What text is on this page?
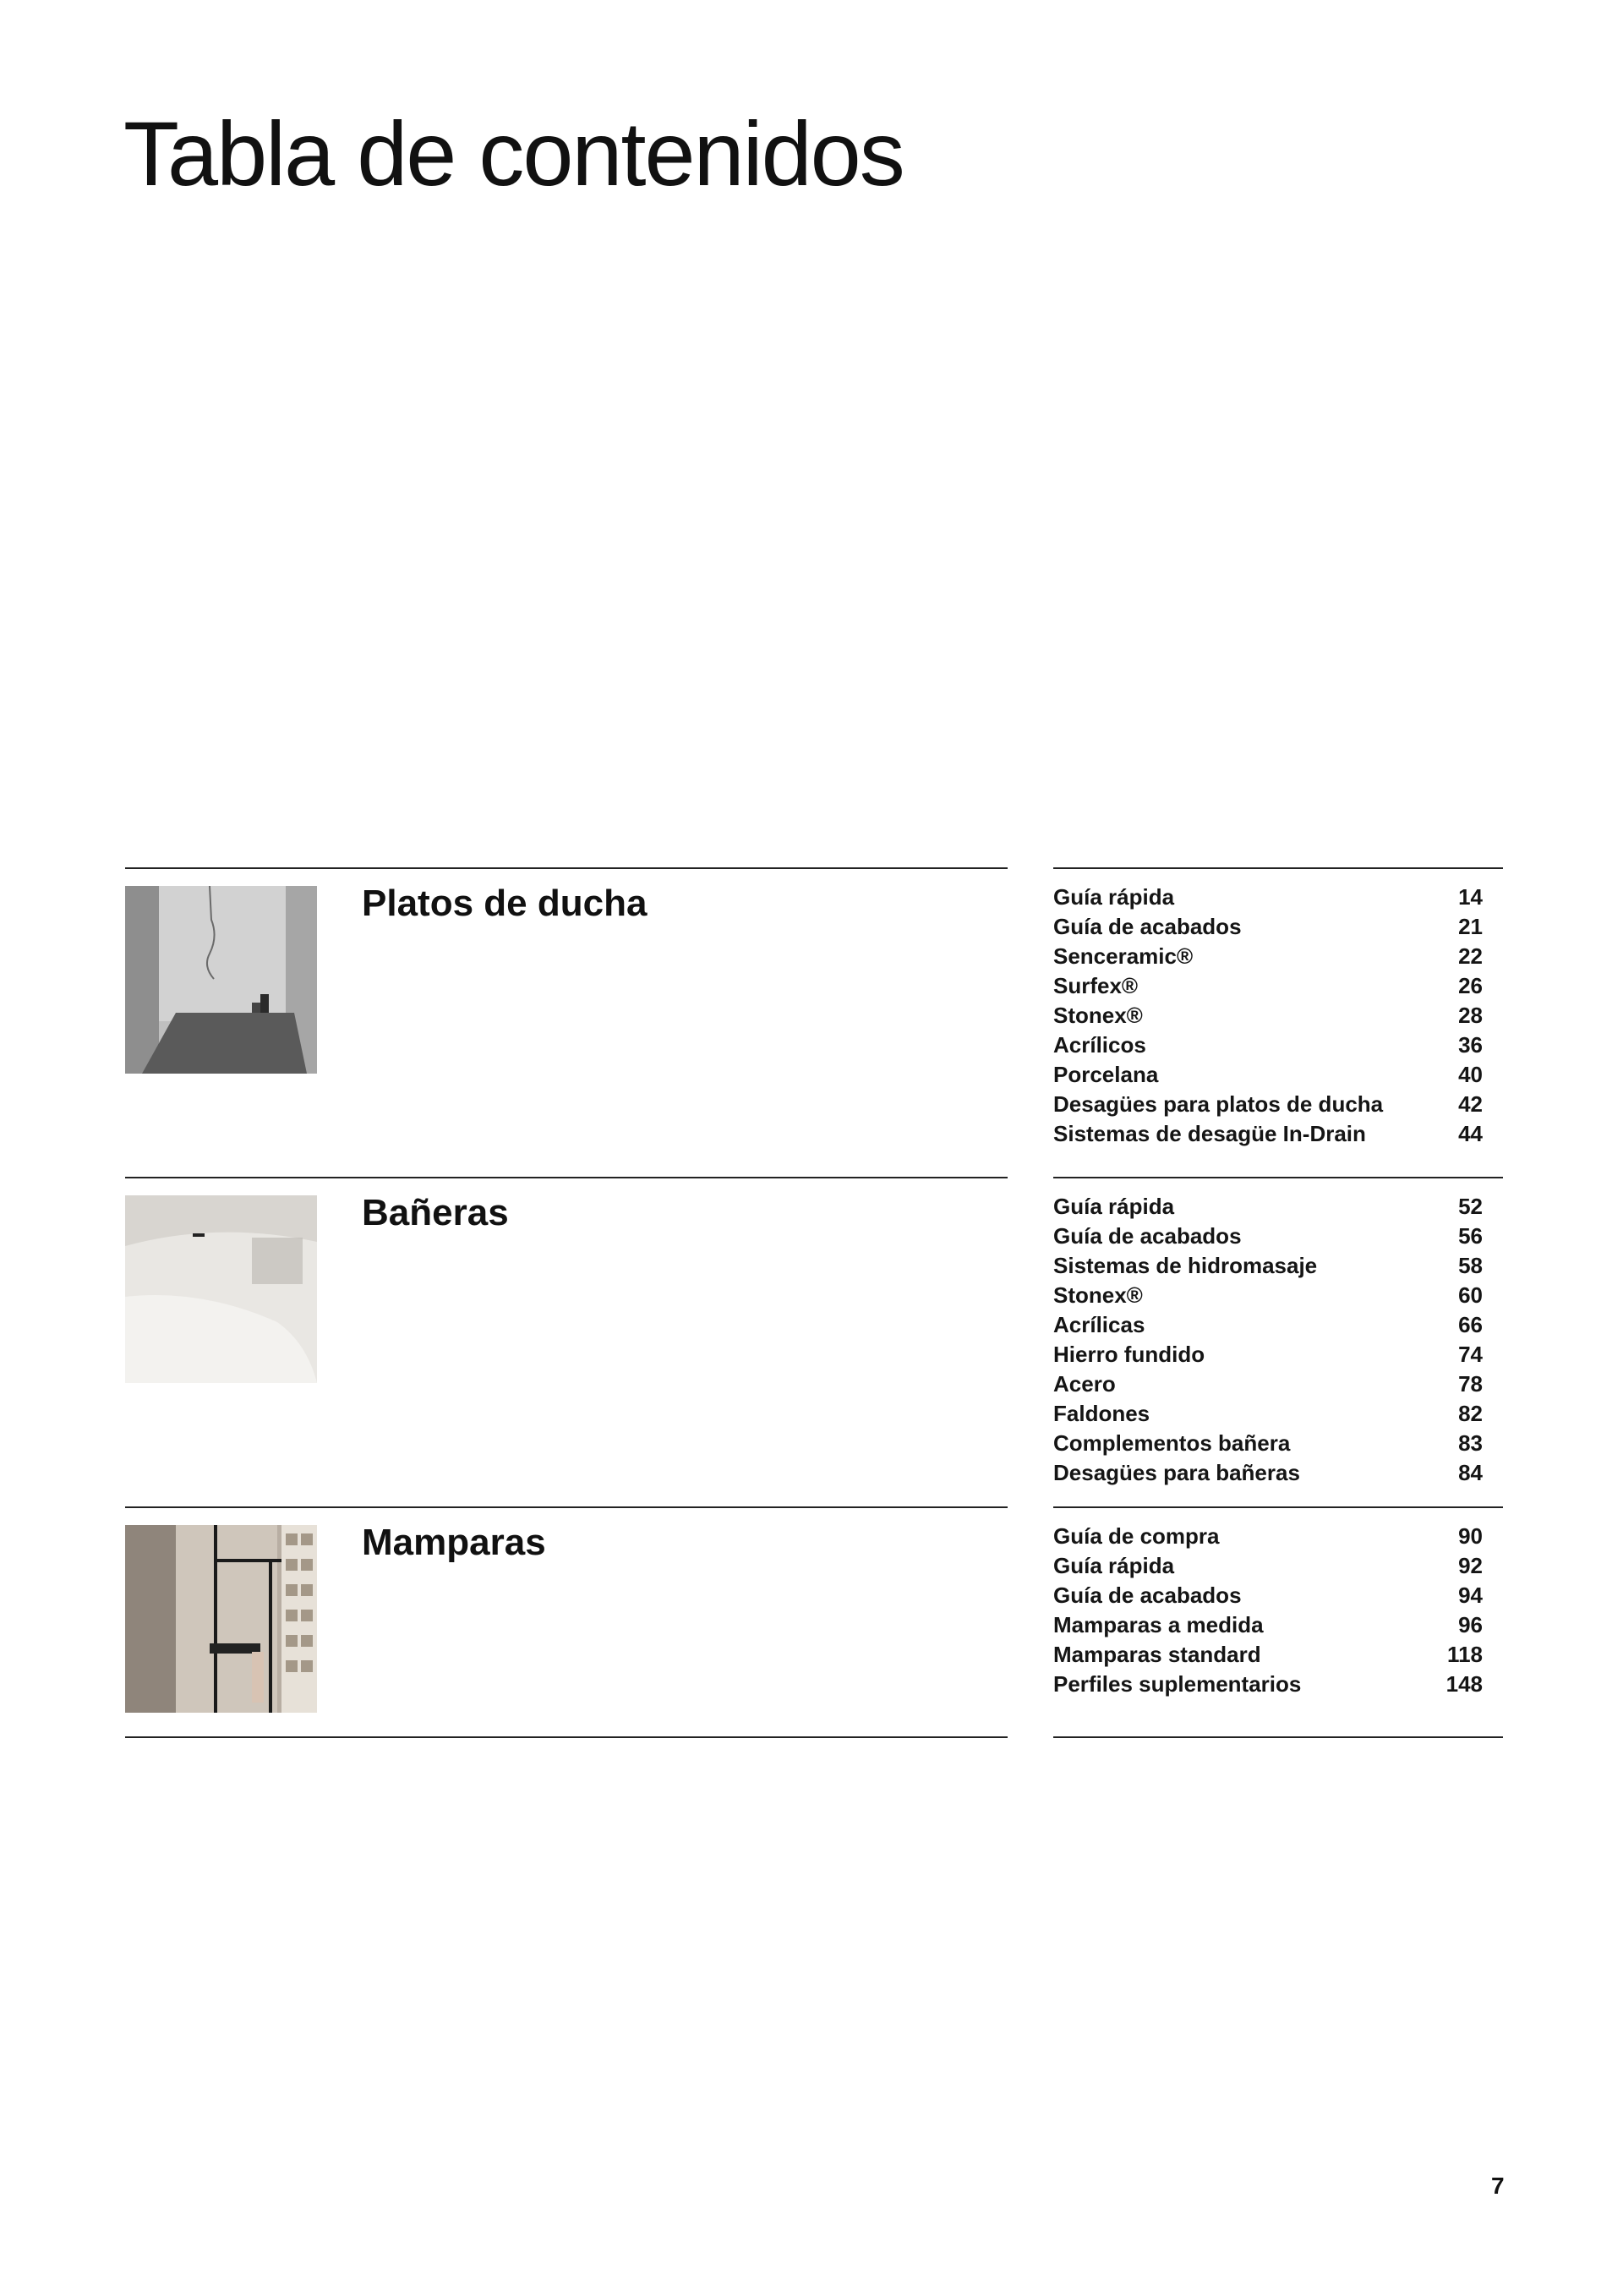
Tabla de contenidos
Platos de ducha	Guía rápida	14
Guía de acabados	21
Senceramic®	22
Surfex®	26
Stonex®	28
Acrílicos	36
Porcelana	40
Desagües para platos de ducha	42
Sistemas de desagüe In-Drain	44
Bañeras	Guía rápida	52
Guía de acabados	56
Sistemas de hidromasaje	58
Stonex®	60
Acrílicas	66
Hierro fundido	74
Acero	78
Faldones	82
Complementos bañera	83
Desagües para bañeras	84
Mamparas	Guía de compra	90
Guía rápida	92
Guía de acabados	94
Mamparas a medida	96
Mamparas standard	118
Perfiles suplementarios	148
7
